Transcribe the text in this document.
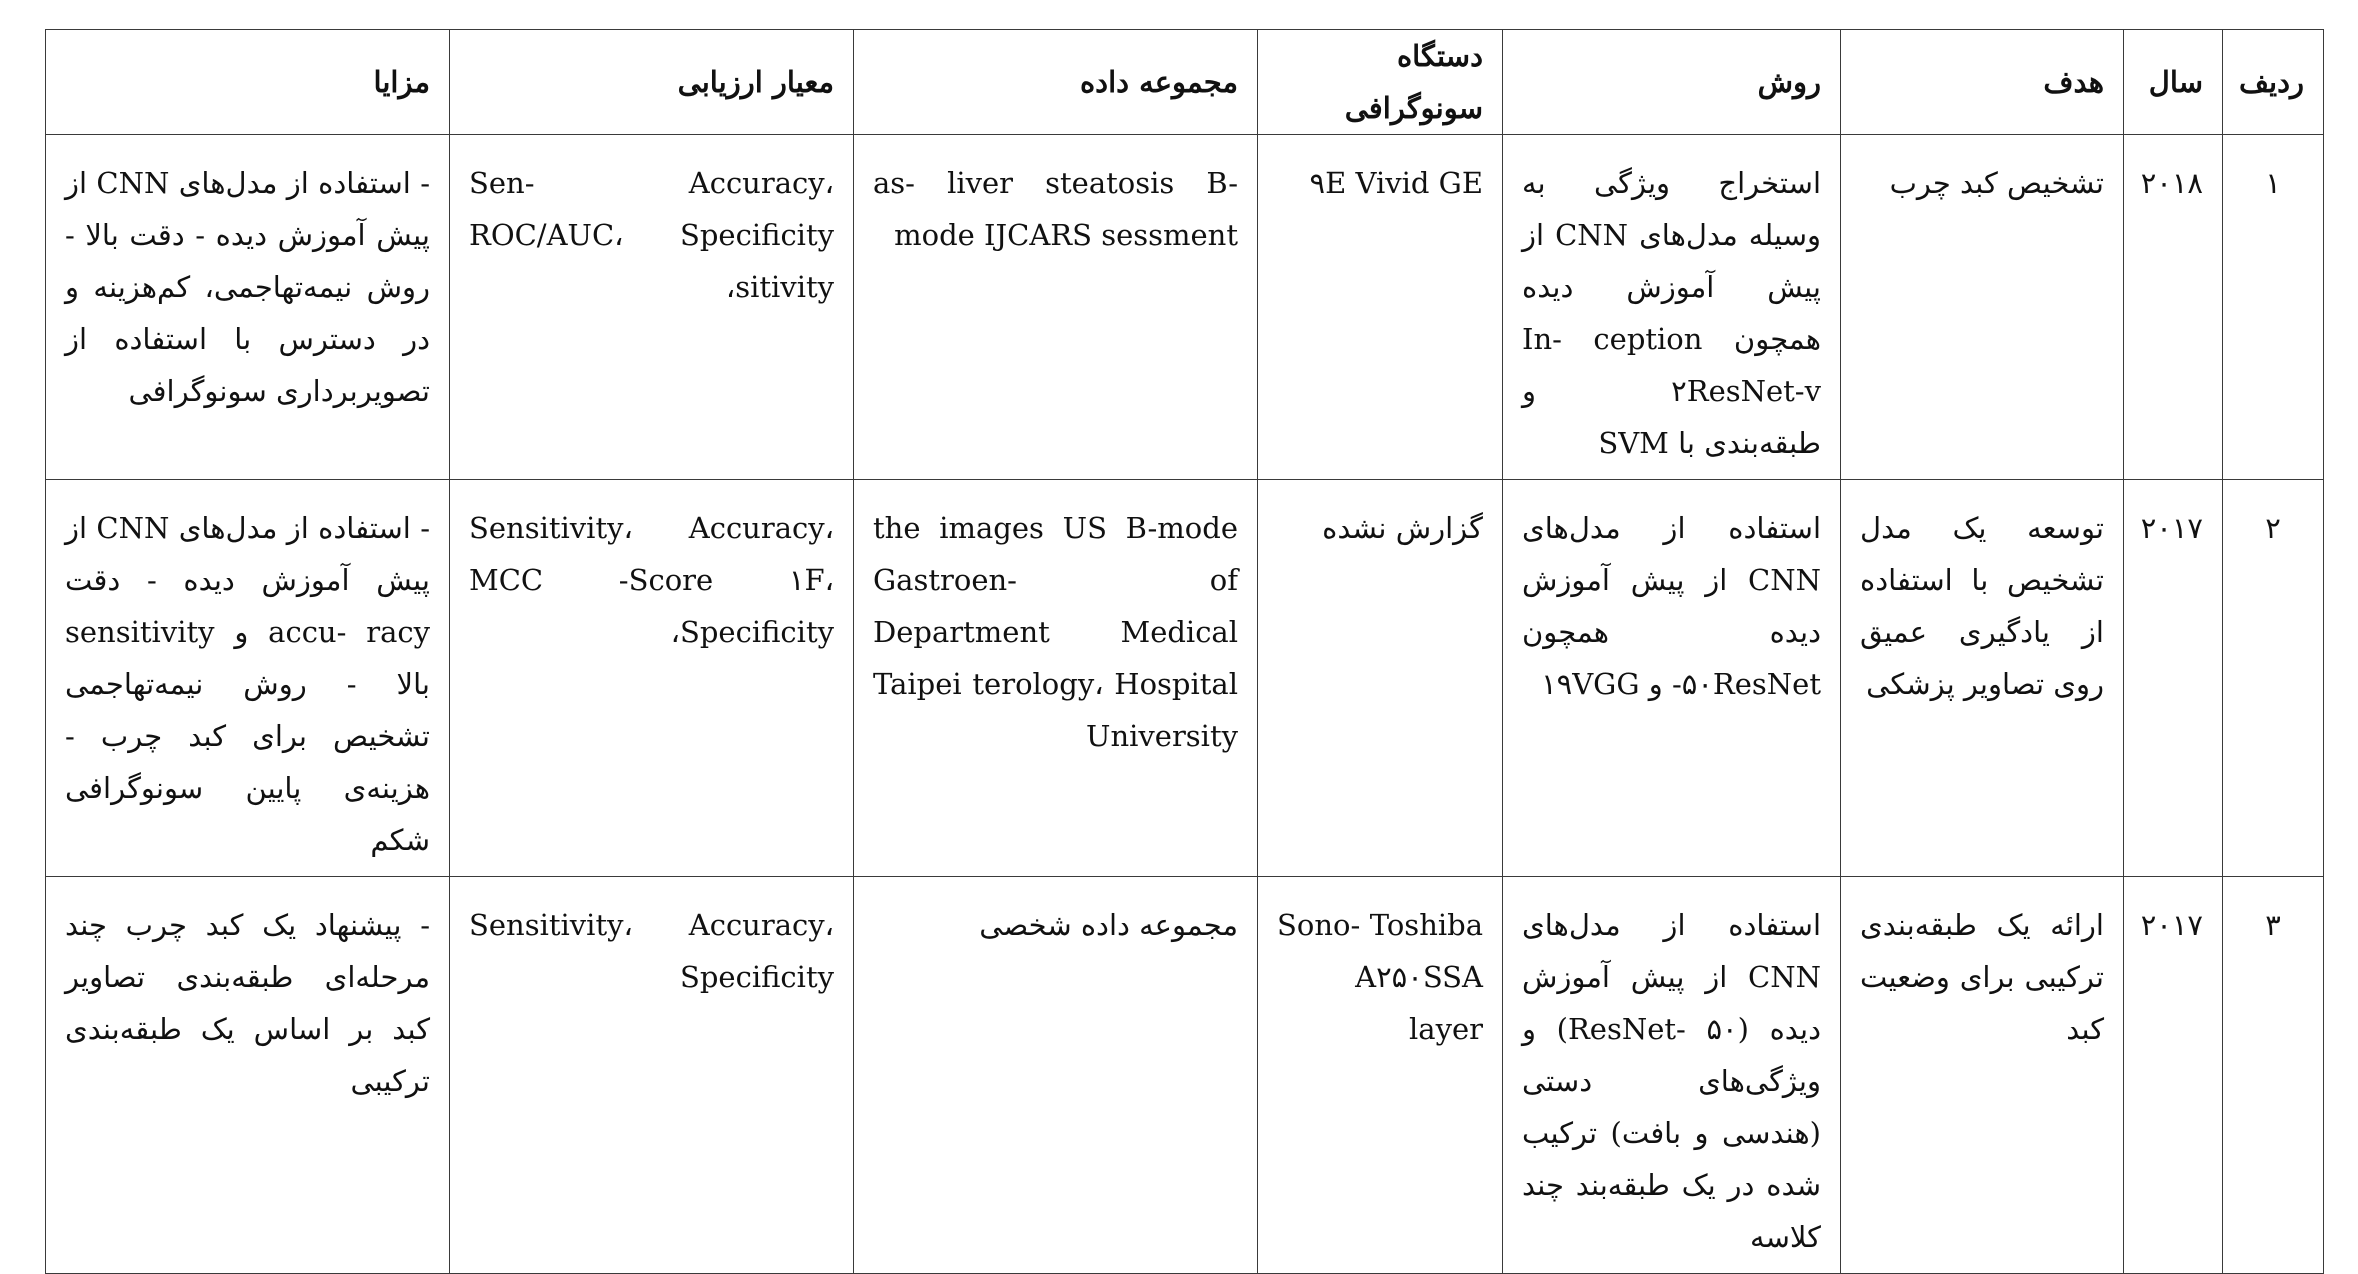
ردیف	سال	هدف	روش	دستگاه سونوگرافی	مجموعه داده	معیار ارزیابی	مزایا
۱	۲۰۱۸	تشخیص کبد چرب	استخراج ویژگی به وسیله مدل‌های CNN از پیش آموزش دیده همچون In- ception ۲ResNet-v و طبقه‌بندی با SVM	۹E Vivid GE	as- liver steatosis B-mode IJCARS sessment	Sen- Accuracy، ROC/AUC، Specificity sitivity،	- استفاده از مدل‌های CNN از پیش آموزش دیده - دقت بالا - روش نیمه‌تهاجمی، کم‌هزینه و در دسترس با استفاده از تصویربرداری سونوگرافی
۲	۲۰۱۷	توسعه یک مدل تشخیص با استفاده از یادگیری عمیق روی تصاویر پزشکی	استفاده از مدل‌های CNN از پیش آموزش دیده همچون ۵۰ResNet- و ۱۹VGG	گزارش نشده	the images US B-mode Gastroen- of Department Medical Taipei terology، Hospital University	Sensitivity، Accuracy، MCC -Score ۱F، Specificity،	- استفاده از مدل‌های CNN از پیش آموزش دیده - دقت accu- racy و sensitivity بالا - روش نیمه‌تهاجمی تشخیص برای کبد چرب - هزینه‌ی پایین سونوگرافی شکم
۳	۲۰۱۷	ارائه یک طبقه‌بندی ترکیبی برای وضعیت کبد	استفاده از مدل‌های CNN از پیش آموزش دیده (ResNet- ۵۰) و ویژگی‌های دستی (هندسی و بافت) ترکیب شده در یک طبقه‌بند چند کلاسه	Sono- Toshiba A۲۵۰SSA layer	مجموعه داده شخصی	Sensitivity، Accuracy، Specificity	- پیشنهاد یک کبد چرب چند مرحله‌ای طبقه‌بندی تصاویر کبد بر اساس یک طبقه‌بندی ترکیبی
